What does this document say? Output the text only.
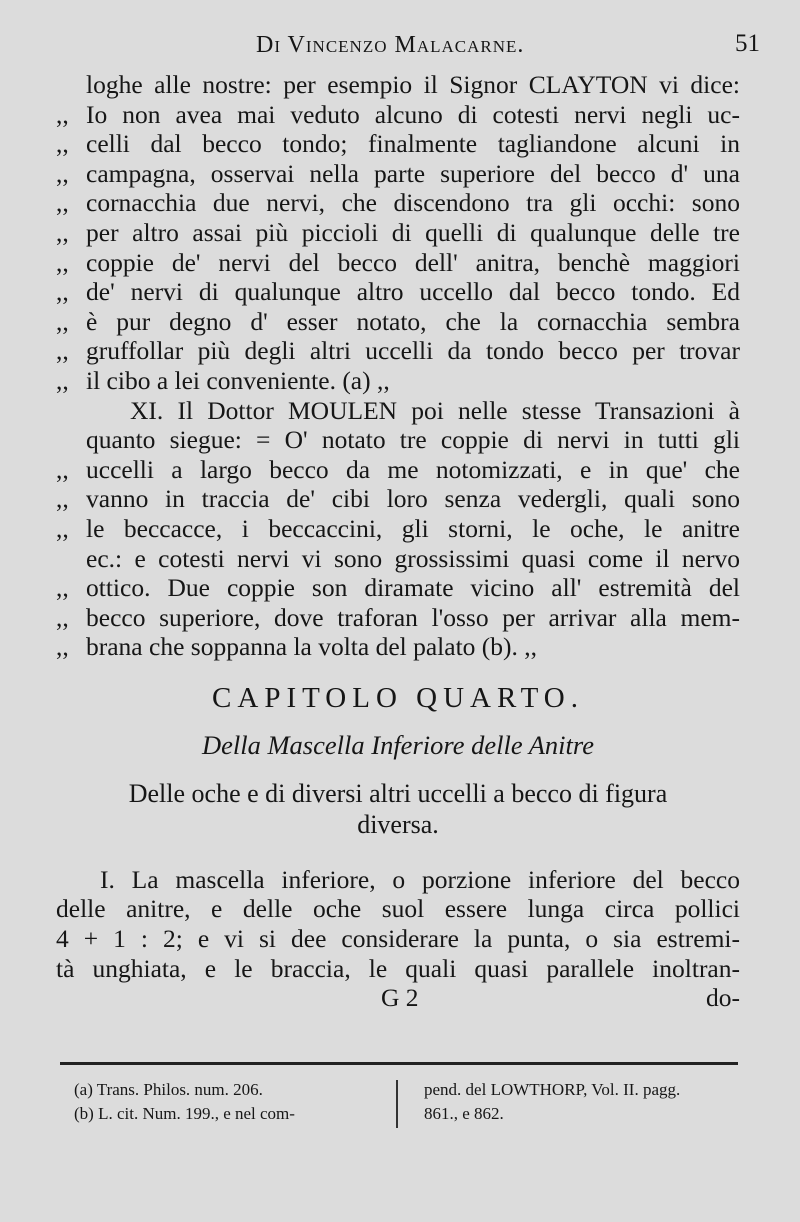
Di Vincenzo Malacarne.	51
loghe alle nostre: per esempio il Signor CLAYTON vi dice:
,, Io non avea mai veduto alcuno di cotesti nervi negli uc-
,, celli dal becco tondo; finalmente tagliandone alcuni in
,, campagna, osservai nella parte superiore del becco d' una
,, cornacchia due nervi, che discendono tra gli occhi: sono
,, per altro assai più piccioli di quelli di qualunque delle tre
,, coppie de' nervi del becco dell' anitra, benchè maggiori
,, de' nervi di qualunque altro uccello dal becco tondo. Ed
,, è pur degno d' esser notato, che la cornacchia sembra
,, gruffollar più degli altri uccelli da tondo becco per trovar
,, il cibo a lei conveniente. (a) ,,
XI. Il Dottor MOULEN poi nelle stesse Transazioni à
quanto siegue: = O' notato tre coppie di nervi in tutti gli
,, uccelli a largo becco da me notomizzati, e in que' che
,, vanno in traccia de' cibi loro senza vedergli, quali sono
,, le beccacce, i beccaccini, gli storni, le oche, le anitre
ec.: e cotesti nervi vi sono grossissimi quasi come il nervo
,, ottico. Due coppie son diramate vicino all' estremità del
,, becco superiore, dove traforan l'osso per arrivar alla mem-
,, brana che soppanna la volta del palato (b). ,,
CAPITOLO QUARTO.
Della Mascella Inferiore delle Anitre
Delle oche e di diversi altri uccelli a becco di figura
diversa.
I. La mascella inferiore, o porzione inferiore del becco
delle anitre, e delle oche suol essere lunga circa pollici
4 + 1 : 2; e vi si dee considerare la punta, o sia estremi-
tà unghiata, e le braccia, le quali quasi parallele inoltran-
G 2	do-
(a) Trans. Philos. num. 206.
(b) L. cit. Num. 199., e nel com-
pend. del LOWTHORP, Vol. II. pagg.
861., e 862.
